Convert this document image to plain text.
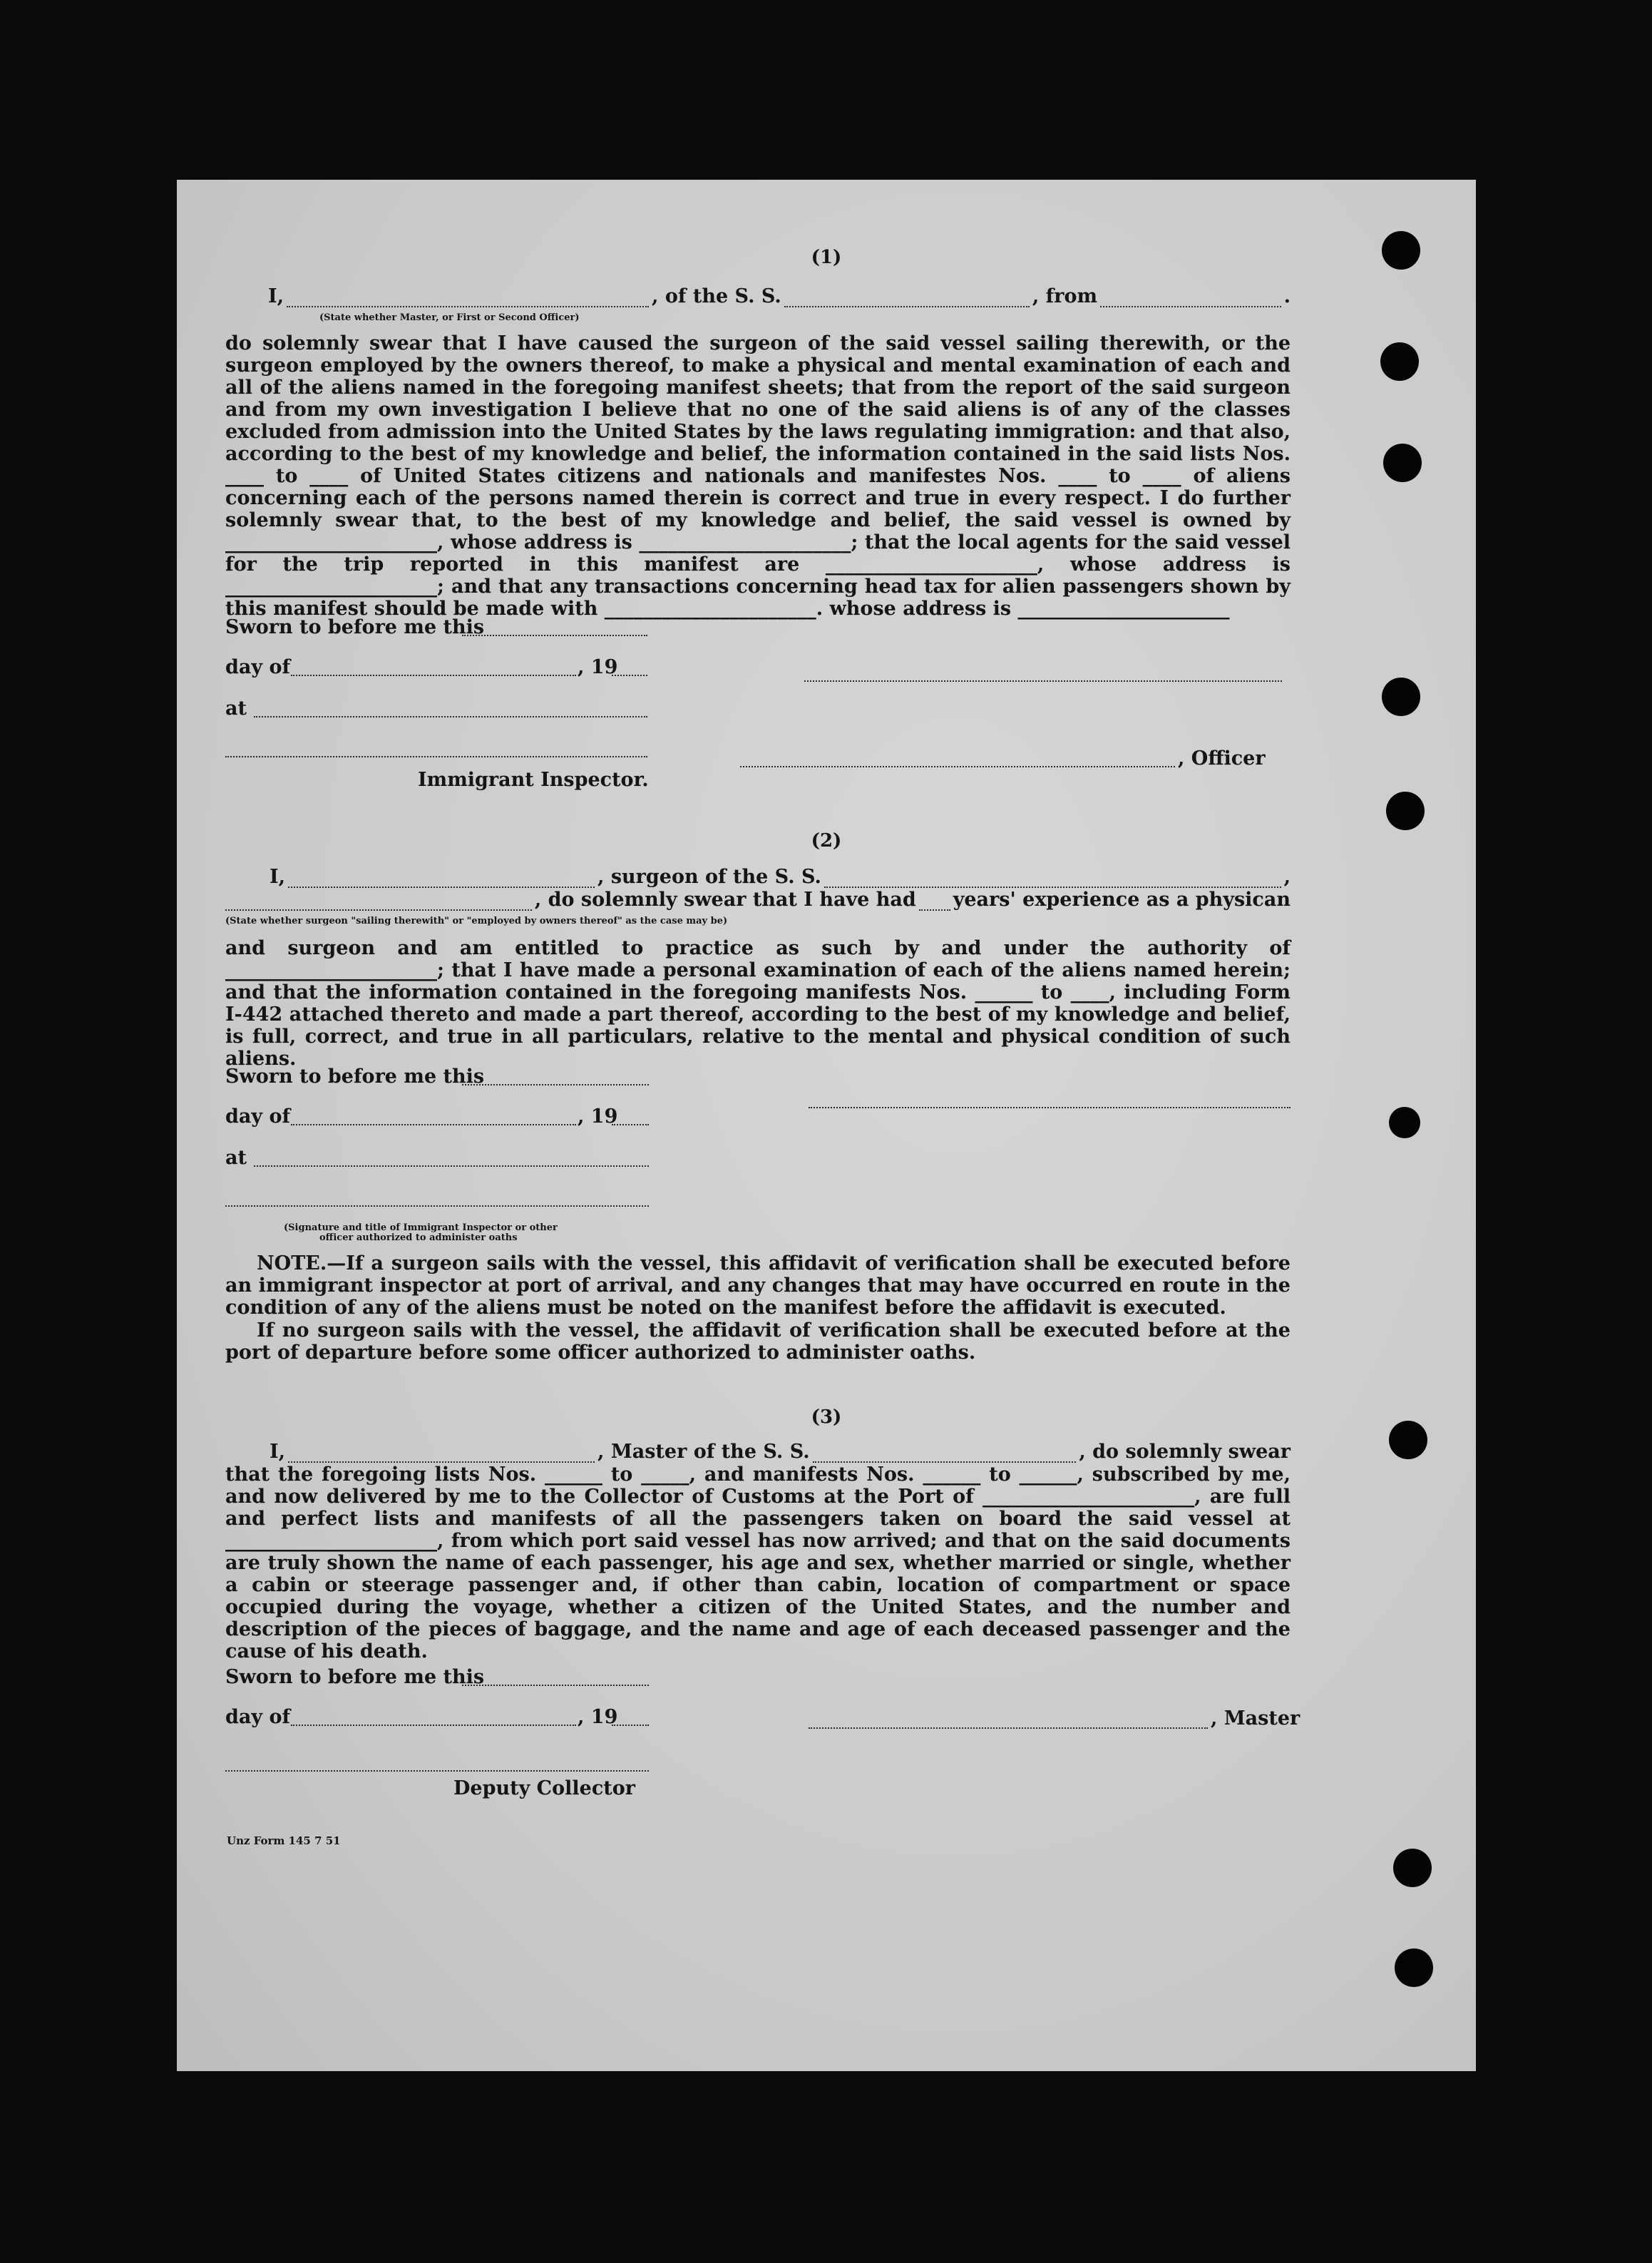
(1)
I,	, of the S. S.	, from	.
(State whether Master, or First or Second Officer)
do solemnly swear that I have caused the surgeon of the said vessel sailing therewith, or the surgeon employed by the owners thereof, to make a physical and mental examination of each and all of the aliens named in the foregoing manifest sheets; that from the report of the said surgeon and from my own investigation I believe that no one of the said aliens is of any of the classes excluded from admission into the United States by the laws regulating immigration: and that also, according to the best of my knowledge and belief, the information contained in the said lists Nos. ____ to ____ of United States citizens and nationals and manifestes Nos. ____ to ____ of aliens concerning each of the persons named therein is correct and true in every respect. I do further solemnly swear that, to the best of my knowledge and belief, the said vessel is owned by ______________________, whose address is ______________________; that the local agents for the said vessel for the trip reported in this manifest are ______________________, whose address is ______________________; and that any transactions concerning head tax for alien passengers shown by this manifest should be made with ______________________. whose address is ______________________
Sworn to before me this
day of	, 19
at
, Officer
Immigrant Inspector.
(2)
I,	, surgeon of the S. S.	,
, do solemnly swear that I have had years' experience as a physican
(State whether surgeon "sailing therewith" or "employed by owners thereof" as the case may be)
and surgeon and am entitled to practice as such by and under the authority of ______________________; that I have made a personal examination of each of the aliens named herein; and that the information contained in the foregoing manifests Nos. ______ to ____, including Form I-442 attached thereto and made a part thereof, according to the best of my knowledge and belief, is full, correct, and true in all particulars, relative to the mental and physical condition of such aliens.
Sworn to before me this
day of	, 19
at
(Signature and title of Immigrant Inspector or other
officer authorized to administer oaths
NOTE.—If a surgeon sails with the vessel, this affidavit of verification shall be executed before an immigrant inspector at port of arrival, and any changes that may have occurred en route in the condition of any of the aliens must be noted on the manifest before the affidavit is executed.
If no surgeon sails with the vessel, the affidavit of verification shall be executed before at the port of departure before some officer authorized to administer oaths.
(3)
I,	, Master of the S. S.	, do solemnly swear
that the foregoing lists Nos. ______ to _____, and manifests Nos. ______ to ______, subscribed by me, and now delivered by me to the Collector of Customs at the Port of ______________________, are full and perfect lists and manifests of all the passengers taken on board the said vessel at ______________________, from which port said vessel has now arrived; and that on the said documents are truly shown the name of each passenger, his age and sex, whether married or single, whether a cabin or steerage passenger and, if other than cabin, location of compartment or space occupied during the voyage, whether a citizen of the United States, and the number and description of the pieces of baggage, and the name and age of each deceased passenger and the cause of his death.
Sworn to before me this
day of	, 19	, Master
Deputy Collector
Unz Form 145 7 51
